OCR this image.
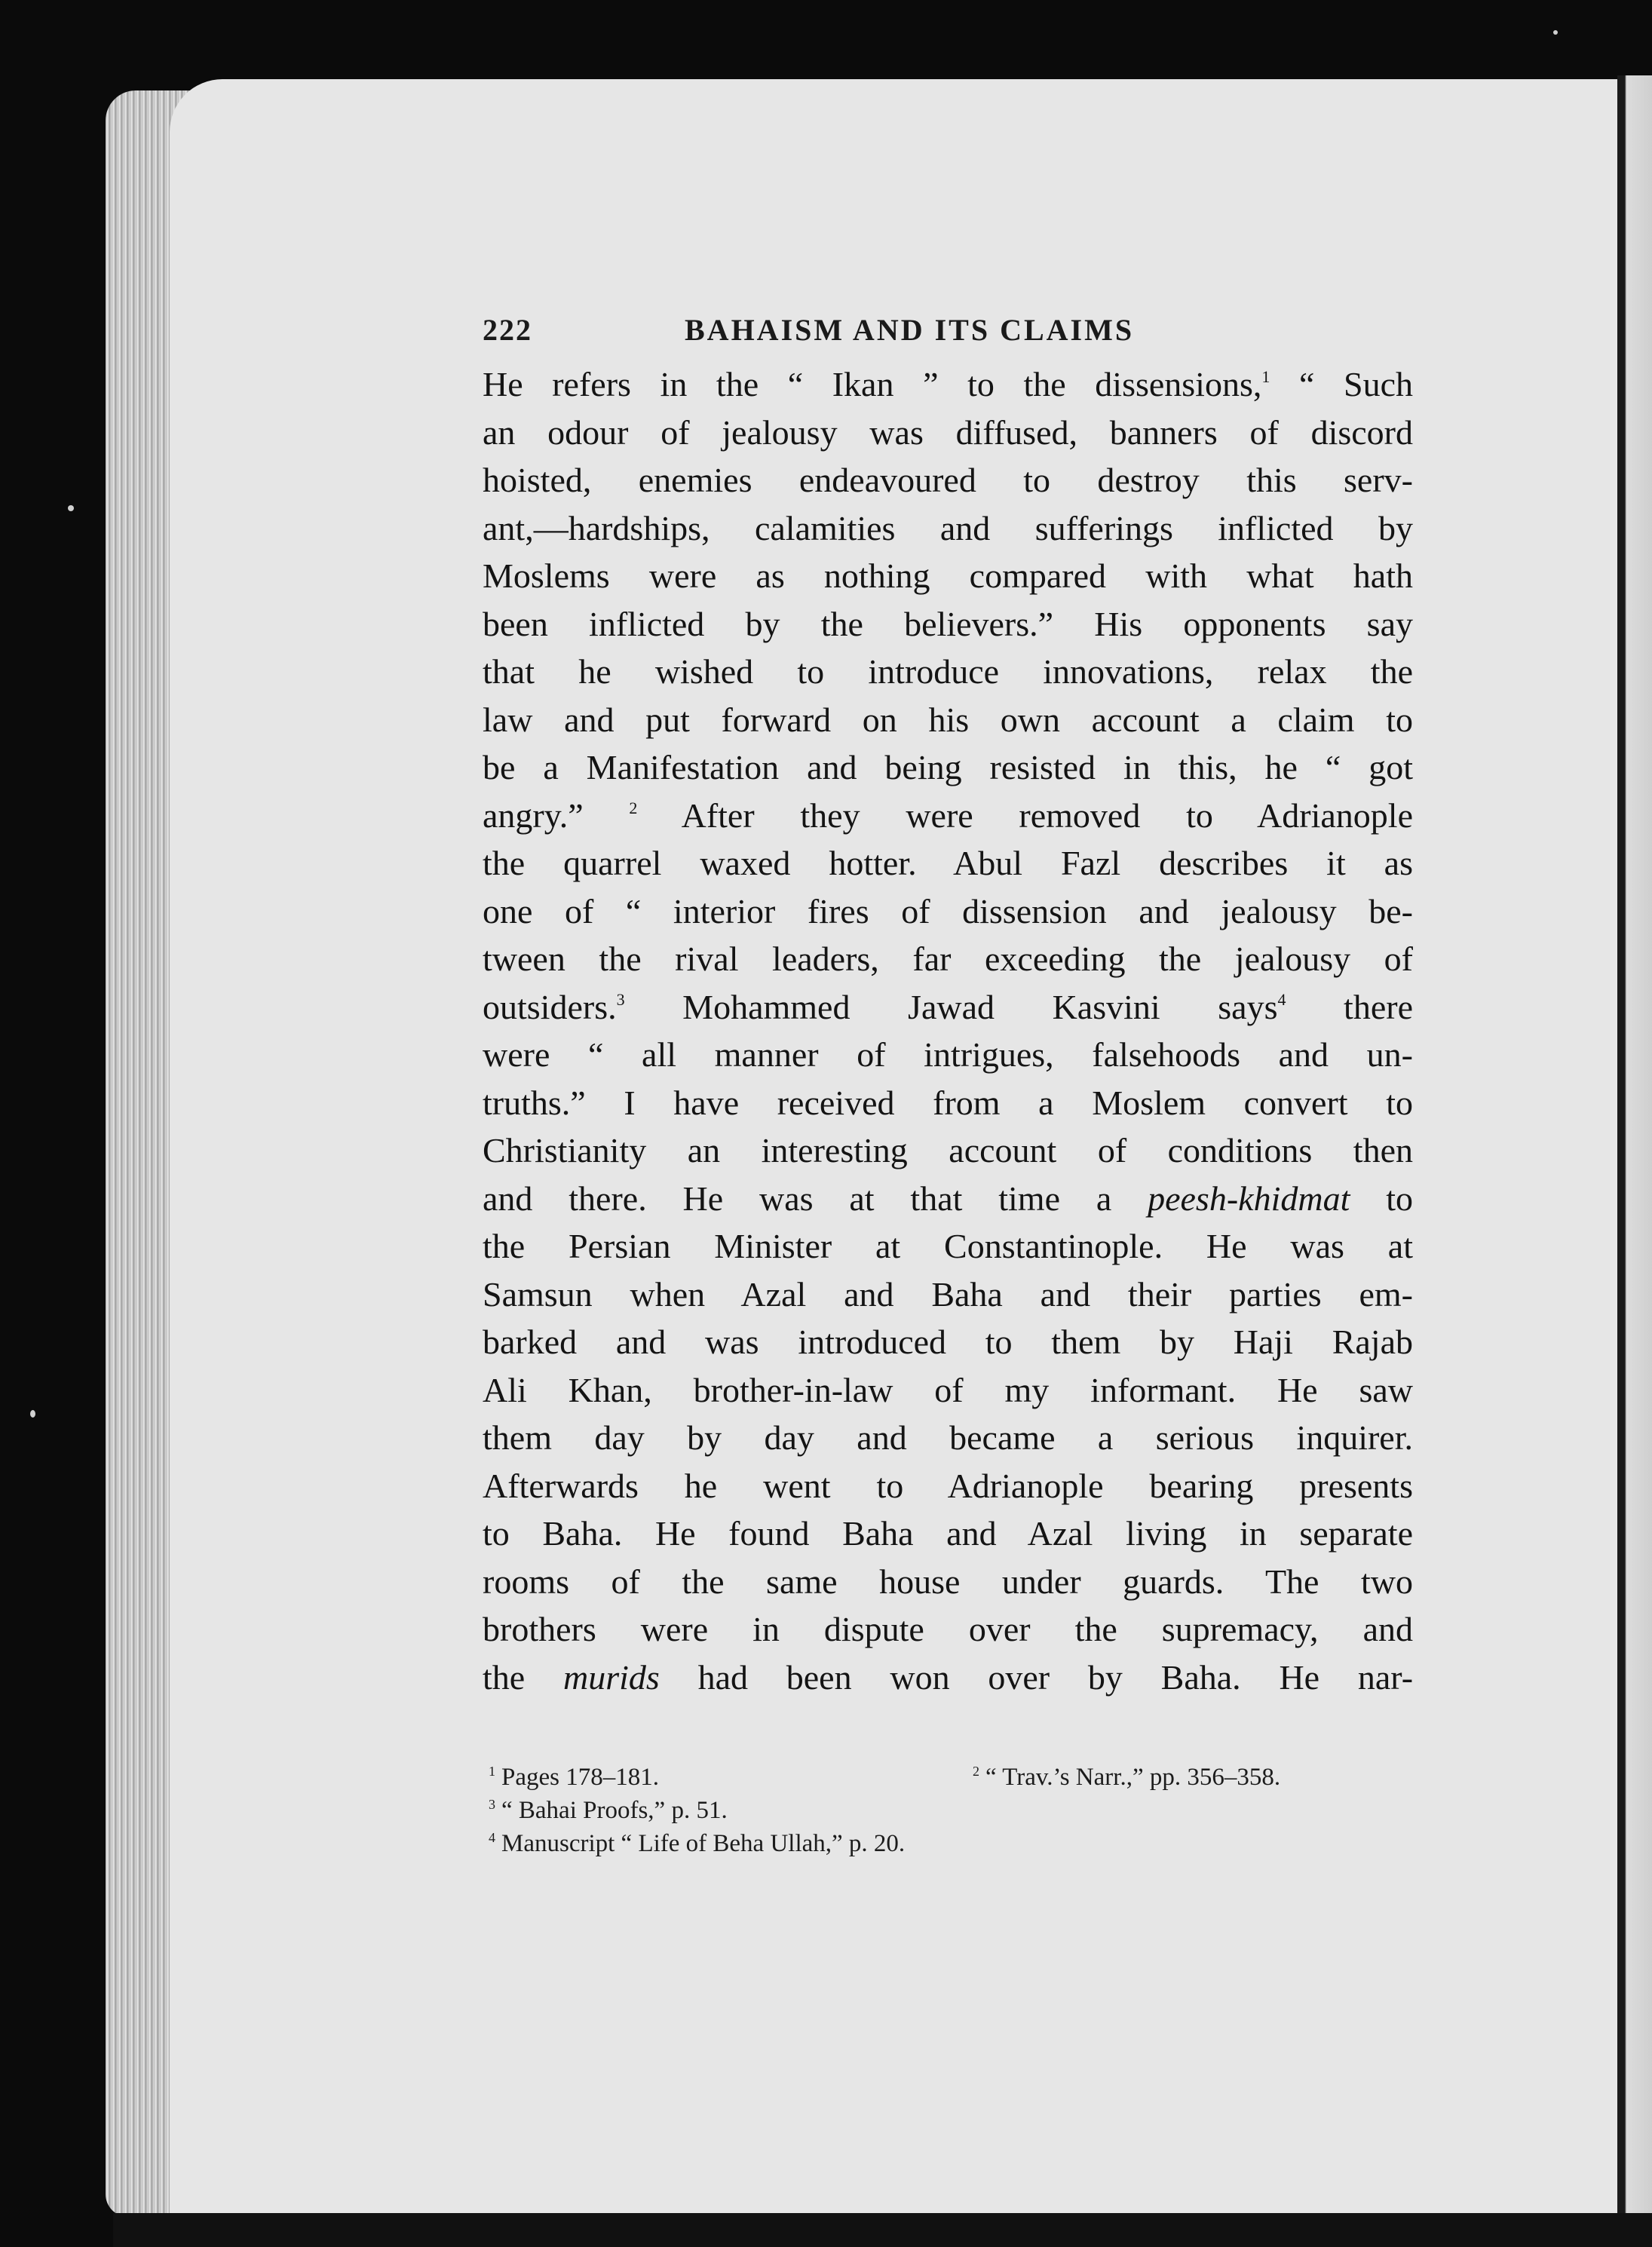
222	BAHAISM AND ITS CLAIMS

He refers in the “ Ikan ” to the dissensions,$^1$ “ Such
an odour of jealousy was diffused, banners of discord
hoisted, enemies endeavoured to destroy this serv-
ant,—hardships, calamities and sufferings inflicted by
Moslems were as nothing compared with what hath
been inflicted by the believers.” His opponents say
that he wished to introduce innovations, relax the
law and put forward on his own account a claim to
be a Manifestation and being resisted in this, he “ got
angry.” $^2$ After they were removed to Adrianople
the quarrel waxed hotter. Abul Fazl describes it as
one of “ interior fires of dissension and jealousy be-
tween the rival leaders, far exceeding the jealousy of
outsiders.$^3$ Mohammed Jawad Kasvini says$^4$ there
were “ all manner of intrigues, falsehoods and un-
truths.” I have received from a Moslem convert to
Christianity an interesting account of conditions then
and there. He was at that time a peesh-khidmat to
the Persian Minister at Constantinople. He was at
Samsun when Azal and Baha and their parties em-
barked and was introduced to them by Haji Rajab
Ali Khan, brother-in-law of my informant. He saw
them day by day and became a serious inquirer.
Afterwards he went to Adrianople bearing presents
to Baha. He found Baha and Azal living in separate
rooms of the same house under guards. The two
brothers were in dispute over the supremacy, and
the murids had been won over by Baha. He nar-

$^1$ Pages 178–181.	$^2$ “ Trav.’s Narr.,” pp. 356–358.
$^3$ “ Bahai Proofs,” p. 51.
$^4$ Manuscript “ Life of Beha Ullah,” p. 20.
